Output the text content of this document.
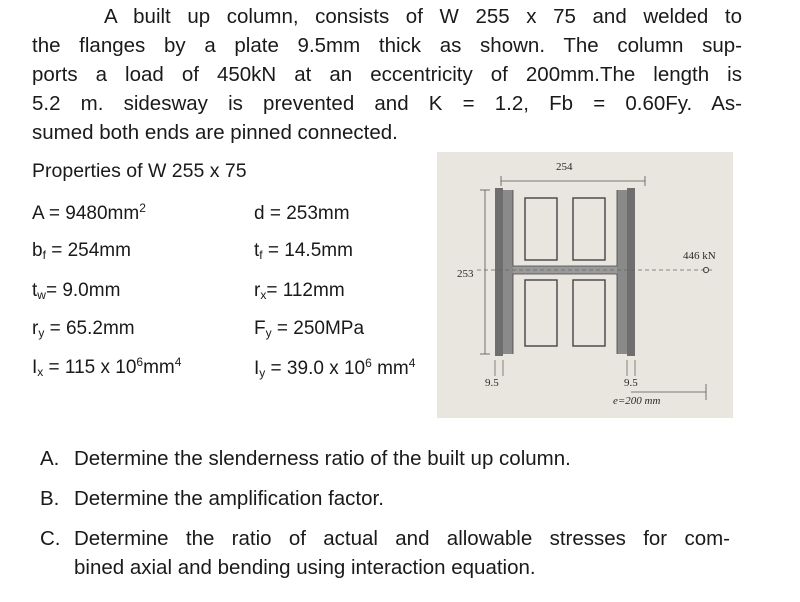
A built up column, consists of W 255 x 75 and welded to
the flanges by a plate 9.5mm thick as shown. The column sup-
ports a load of 450kN at an eccentricity of 200mm.The length is
5.2 m. sidesway is prevented and K = 1.2, Fb = 0.60Fy. As-
sumed both ends are pinned connected.
Properties of W 255 x 75
$A = 9480mm^2$	d = 253mm
$b_f = 254mm$	$t_f = 14.5mm$
$t_w= 9.0mm$	$r_x= 112mm$
$r_y = 65.2mm$	$F_y = 250MPa$
$I_x = 115$ x $10^6mm^4$	$I_y = 39.0$ x $10^6$ $mm^4$
254
253
446 kN
9.5	9.5
e=200 mm
A. Determine the slenderness ratio of the built up column.
B. Determine the amplification factor.
C. Determine the ratio of actual and allowable stresses for com-
bined axial and bending using interaction equation.
